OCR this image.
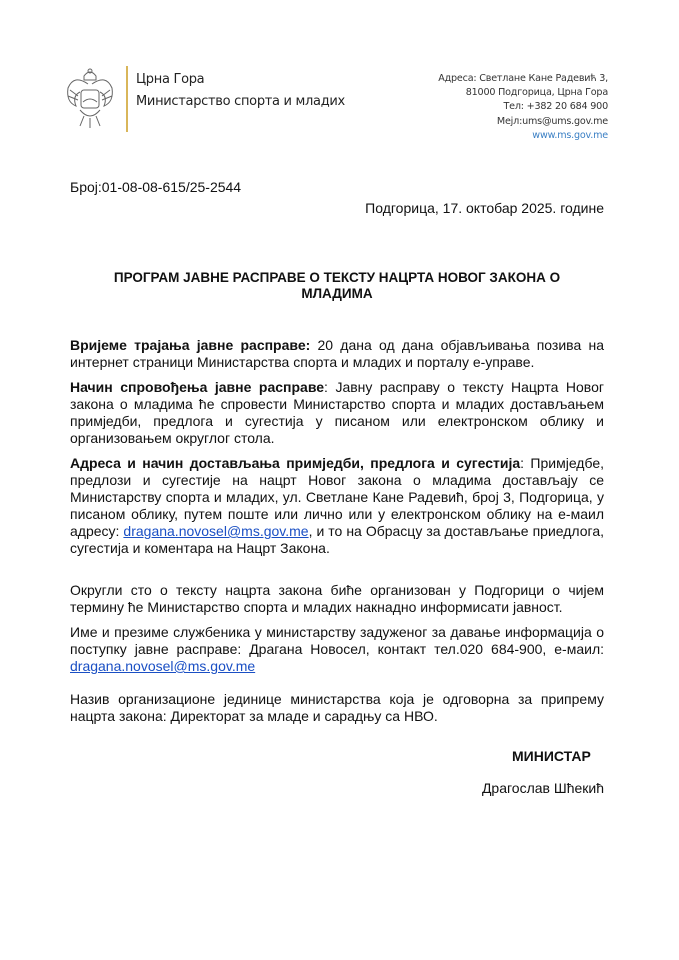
Црна Гора
Министарство спорта и младих
Адреса: Светлане Кане Радевић 3,
81000 Подгорица, Црна Гора
Тел: +382 20 684 900
Мејл:ums@ums.gov.me
www.ms.gov.me
Број:01-08-08-615/25-2544
Подгорица, 17. октобар 2025. године
ПРОГРАМ ЈАВНЕ РАСПРАВЕ О ТЕКСТУ НАЦРТА НОВОГ ЗАКОНА О
МЛАДИМА

Вријеме трајања јавне расправе: 20 дана од дана објављивања позива на интернет страници Министарства спорта и младих и порталу е-управе.

Начин спровођења јавне расправе: Јавну расправу о тексту Нацрта Новог закона о младима ће спровести Министарство спорта и младих достављањем примједби, предлога и сугестија у писаном или електронском облику и организовањем округлог стола.

Адреса и начин достављања примједби, предлога и сугестија: Примједбе, предлози и сугестије на нацрт Новог закона о младима достављају се Министарству спорта и младих, ул. Светлане Кане Радевић, број 3, Подгорица, у писаном облику, путем поште или лично или у електронском облику на е-маил адресу: dragana.novosel@ms.gov.me, и то на Обрасцу за достављање приедлога, сугестија и коментара на Нацрт Закона.

Округли сто о тексту нацрта закона биће организован у Подгорици о чијем термину ће Министарство спорта и младих накнадно информисати јавност.

Име и презиме службеника у министарству задуженог за давање информација о поступку јавне расправе: Драгана Новосел, контакт тел.020 684-900, е-маил: dragana.novosel@ms.gov.me

Назив организационе јединице министарства која је одговорна за припрему нацрта закона: Директорат за младе и сарадњу са НВО.

МИНИСТАР
Драгослав Шћекић
